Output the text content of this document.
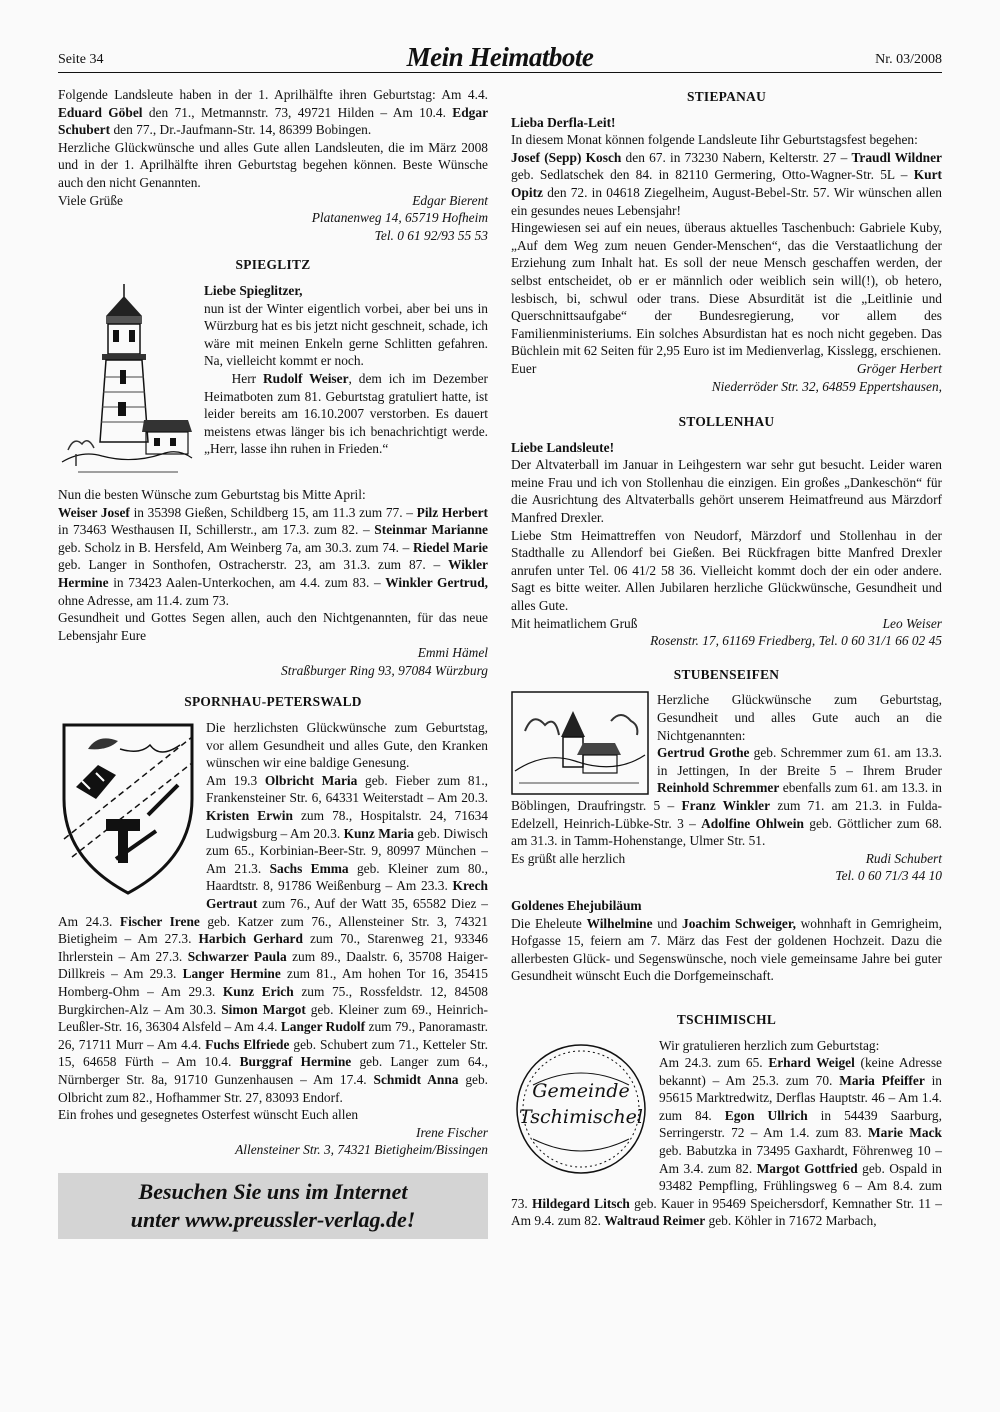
Seite 34	Mein Heimatbote	Nr. 03/2008

Folgende Landsleute haben in der 1. Aprilhälfte ihren Geburtstag: Am 4.4. Eduard Göbel den 71., Metmannstr. 73, 49721 Hilden – Am 10.4. Edgar Schubert den 77., Dr.-Jaufmann-Str. 14, 86399 Bobingen.

Herzliche Glückwünsche und alles Gute allen Landsleuten, die im März 2008 und in der 1. Aprilhälfte ihren Geburtstag begehen können. Beste Wünsche auch den nicht Genannten.

Viele Grüße	Edgar Bierent

Platanenweg 14, 65719 Hofheim

Tel. 0 61 92/93 55 53

SPIEGLITZ

Liebe Spieglitzer,

nun ist der Winter eigentlich vorbei, aber bei uns in Würzburg hat es bis jetzt nicht geschneit, schade, ich wäre mit meinen Enkeln gerne Schlitten gefahren. Na, vielleicht kommt er noch.

Herr Rudolf Weiser, dem ich im Dezember Heimatboten zum 81. Geburtstag gratuliert hatte, ist leider bereits am 16.10.2007 verstorben. Es dauert meistens etwas länger bis ich benachrichtigt werde. „Herr, lasse ihn ruhen in Frieden.“

Nun die besten Wünsche zum Geburtstag bis Mitte April:

Weiser Josef in 35398 Gießen, Schildberg 15, am 11.3 zum 77. – Pilz Herbert in 73463 Westhausen II, Schillerstr., am 17.3. zum 82. – Steinmar Marianne geb. Scholz in B. Hersfeld, Am Weinberg 7a, am 30.3. zum 74. – Riedel Marie geb. Langer in Sonthofen, Ostracherstr. 23, am 31.3. zum 87. – Wikler Hermine in 73423 Aalen-Unterkochen, am 4.4. zum 83. – Winkler Gertrud, ohne Adresse, am 11.4. zum 73.

Gesundheit und Gottes Segen allen, auch den Nichtgenannten, für das neue Lebensjahr Eure

Emmi Hämel

Straßburger Ring 93, 97084 Würzburg

SPORNHAU-PETERSWALD

Die herzlichsten Glückwünsche zum Geburtstag, vor allem Gesundheit und alles Gute, den Kranken wünschen wir eine baldige Genesung.

Am 19.3 Olbricht Maria geb. Fieber zum 81., Frankensteiner Str. 6, 64331 Weiterstadt – Am 20.3. Kristen Erwin zum 78., Hospitalstr. 24, 71634 Ludwigsburg – Am 20.3. Kunz Maria geb. Diwisch zum 65., Korbinian-Beer-Str. 9, 80997 München – Am 21.3. Sachs Emma geb. Kleiner zum 80., Haardtstr. 8, 91786 Weißenburg – Am 23.3. Krech Gertraut zum 76., Auf der Watt 35, 65582 Diez – Am 24.3. Fischer Irene geb. Katzer zum 76., Allensteiner Str. 3, 74321 Bietigheim – Am 27.3. Harbich Gerhard zum 70., Starenweg 21, 93346 Ihrlerstein – Am 27.3. Schwarzer Paula zum 89., Daalstr. 6, 35708 Haiger-Dillkreis – Am 29.3. Langer Hermine zum 81., Am hohen Tor 16, 35415 Homberg-Ohm – Am 29.3. Kunz Erich zum 75., Rossfeldstr. 12, 84508 Burgkirchen-Alz – Am 30.3. Simon Margot geb. Kleiner zum 69., Heinrich-Leußler-Str. 16, 36304 Alsfeld – Am 4.4. Langer Rudolf zum 79., Panoramastr. 26, 71711 Murr – Am 4.4. Fuchs Elfriede geb. Schubert zum 71., Ketteler Str. 15, 64658 Fürth – Am 10.4. Burggraf Hermine geb. Langer zum 64., Nürnberger Str. 8a, 91710 Gunzenhausen – Am 17.4. Schmidt Anna geb. Olbricht zum 82., Hofhammer Str. 27, 83093 Endorf.

Ein frohes und gesegnetes Osterfest wünscht Euch allen

Irene Fischer

Allensteiner Str. 3, 74321 Bietigheim/Bissingen

Besuchen Sie uns im Internet
unter www.preussler-verlag.de!
STIEPANAU

Lieba Derfla-Leit!

In diesem Monat können folgende Landsleute Iihr Geburtstagsfest begehen:

Josef (Sepp) Kosch den 67. in 73230 Nabern, Kelterstr. 27 – Traudl Wildner geb. Sedlatschek den 84. in 82110 Germering, Otto-Wagner-Str. 5L – Kurt Opitz den 72. in 04618 Ziegelheim, August-Bebel-Str. 57. Wir wünschen allen ein gesundes neues Lebensjahr!

Hingewiesen sei auf ein neues, überaus aktuelles Taschenbuch: Gabriele Kuby, „Auf dem Weg zum neuen Gender-Menschen“, das die Verstaatlichung der Erziehung zum Inhalt hat. Es soll der neue Mensch geschaffen werden, der selbst entscheidet, ob er er männlich oder weiblich sein will(!), ob hetero, lesbisch, bi, schwul oder trans. Diese Absurdität ist die „Leitlinie und Querschnittsaufgabe“ der Bundesregierung, vor allem des Familienministeriums. Ein solches Absurdistan hat es noch nicht gegeben. Das Büchlein mit 62 Seiten für 2,95 Euro ist im Medienverlag, Kisslegg, erschienen.

Euer	Gröger Herbert

Niederröder Str. 32, 64859 Eppertshausen,

STOLLENHAU

Liebe Landsleute!

Der Altvaterball im Januar in Leihgestern war sehr gut besucht. Leider waren meine Frau und ich von Stollenhau die einzigen. Ein großes „Dankeschön“ für die Ausrichtung des Altvaterballs gehört unserem Heimatfreund aus Märzdorf Manfred Drexler.

Liebe Stm Heimattreffen von Neudorf, Märzdorf und Stollenhau in der Stadthalle zu Allendorf bei Gießen. Bei Rückfragen bitte Manfred Drexler anrufen unter Tel. 06 41/2 58 36. Vielleicht kommt doch der ein oder andere. Sagt es bitte weiter. Allen Jubilaren herzliche Glückwünsche, Gesundheit und alles Gute.

Mit heimatlichem Gruß	Leo Weiser

Rosenstr. 17, 61169 Friedberg, Tel. 0 60 31/1 66 02 45

STUBENSEIFEN

Herzliche Glückwünsche zum Geburtstag, Gesundheit und alles Gute auch an die Nichtgenannten:

Gertrud Grothe geb. Schremmer zum 61. am 13.3. in Jettingen, In der Breite 5 – Ihrem Bruder Reinhold Schremmer ebenfalls zum 61. am 13.3. in Böblingen, Draufringstr. 5 – Franz Winkler zum 71. am 21.3. in Fulda-Edelzell, Heinrich-Lübke-Str. 3 – Adolfine Ohlwein geb. Göttlicher zum 68. am 31.3. in Tamm-Hohenstange, Ulmer Str. 51.

Es grüßt alle herzlich	Rudi Schubert

Tel. 0 60 71/3 44 10

Goldenes Ehejubiläum

Die Eheleute Wilhelmine und Joachim Schweiger, wohnhaft in Gemrigheim, Hofgasse 15, feiern am 7. März das Fest der goldenen Hochzeit. Dazu die allerbesten Glück- und Segenswünsche, noch viele gemeinsame Jahre bei guter Gesundheit wünscht Euch die Dorfgemeinschaft.

TSCHIMISCHL
Gemeinde
Tschimischel

Wir gratulieren herzlich zum Geburtstag:

Am 24.3. zum 65. Erhard Weigel (keine Adresse bekannt) – Am 25.3. zum 70. Maria Pfeiffer in 95615 Marktredwitz, Derflas Hauptstr. 46 – Am 1.4. zum 84. Egon Ullrich in 54439 Saarburg, Serringerstr. 72 – Am 1.4. zum 83. Marie Mack geb. Babutzka in 73495 Gaxhardt, Föhrenweg 10 – Am 3.4. zum 82. Margot Gottfried geb. Ospald in 93482 Pempfling, Frühlingsweg 6 – Am 8.4. zum 73. Hildegard Litsch geb. Kauer in 95469 Speichersdorf, Kemnather Str. 11 – Am 9.4. zum 82. Waltraud Reimer geb. Köhler in 71672 Marbach,
